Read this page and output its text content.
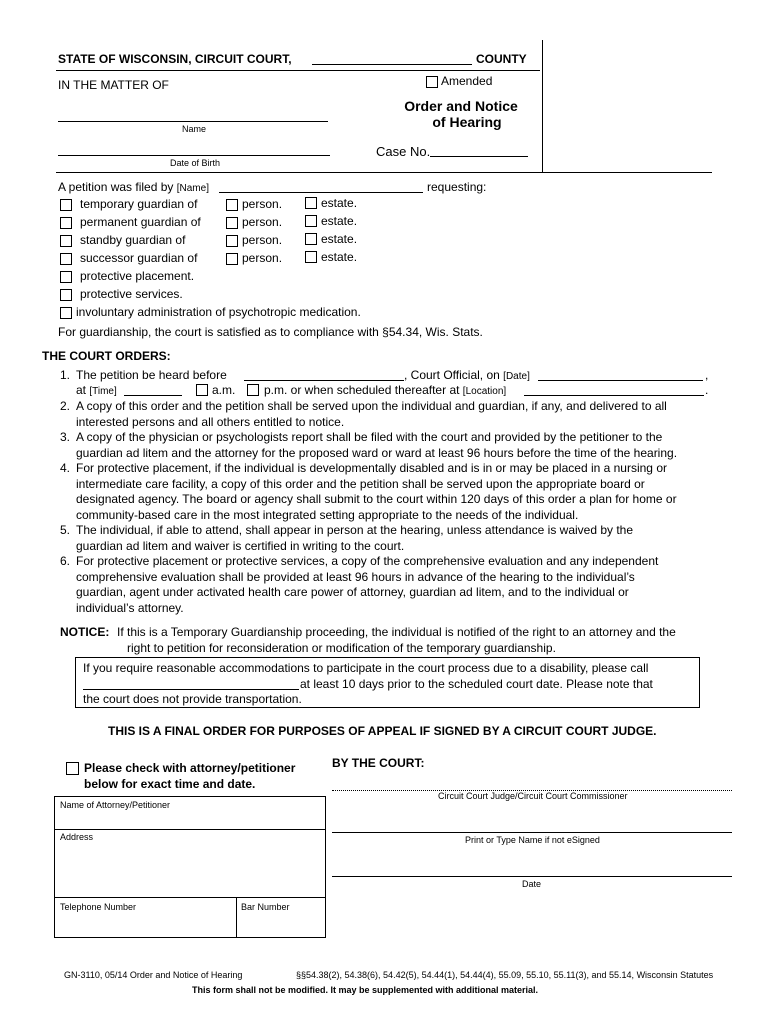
STATE OF WISCONSIN, CIRCUIT COURT,	COUNTY
IN THE MATTER OF	Amended
Order and Notice
of Hearing
Name
Case No.
Date of Birth
A petition was filed by [Name]	requesting:
temporary guardian of	person.	estate.
permanent guardian of	person.	estate.
standby guardian of	person.	estate.
successor guardian of	person.	estate.
protective placement.
protective services.
involuntary administration of psychotropic medication.
For guardianship, the court is satisfied as to compliance with §54.34, Wis. Stats.
THE COURT ORDERS:
1. The petition be heard before	, Court Official, on [Date]	,
at [Time]	a.m. p.m. or when scheduled thereafter at [Location]	.
2. A copy of this order and the petition shall be served upon the individual and guardian, if any, and delivered to all
interested persons and all others entitled to notice.
3. A copy of the physician or psychologists report shall be filed with the court and provided by the petitioner to the
guardian ad litem and the attorney for the proposed ward or ward at least 96 hours before the time of the hearing.
4. For protective placement, if the individual is developmentally disabled and is in or may be placed in a nursing or
intermediate care facility, a copy of this order and the petition shall be served upon the appropriate board or
designated agency. The board or agency shall submit to the court within 120 days of this order a plan for home or
community-based care in the most integrated setting appropriate to the needs of the individual.
5. The individual, if able to attend, shall appear in person at the hearing, unless attendance is waived by the
guardian ad litem and waiver is certified in writing to the court.
6. For protective placement or protective services, a copy of the comprehensive evaluation and any independent
comprehensive evaluation shall be provided at least 96 hours in advance of the hearing to the individual’s
guardian, agent under activated health care power of attorney, guardian ad litem, and to the individual or
individual’s attorney.
NOTICE: If this is a Temporary Guardianship proceeding, the individual is notified of the right to an attorney and the
right to petition for reconsideration or modification of the temporary guardianship.
If you require reasonable accommodations to participate in the court process due to a disability, please call
at least 10 days prior to the scheduled court date. Please note that
the court does not provide transportation.
THIS IS A FINAL ORDER FOR PURPOSES OF APPEAL IF SIGNED BY A CIRCUIT COURT JUDGE.
Please check with attorney/petitioner
below for exact time and date.
Name of Attorney/Petitioner
Address
Telephone Number	Bar Number
BY THE COURT:
Circuit Court Judge/Circuit Court Commissioner
Print or Type Name if not eSigned
Date
GN-3110, 05/14 Order and Notice of Hearing	§§54.38(2), 54.38(6), 54.42(5), 54.44(1), 54.44(4), 55.09, 55.10, 55.11(3), and 55.14, Wisconsin Statutes
This form shall not be modified. It may be supplemented with additional material.
